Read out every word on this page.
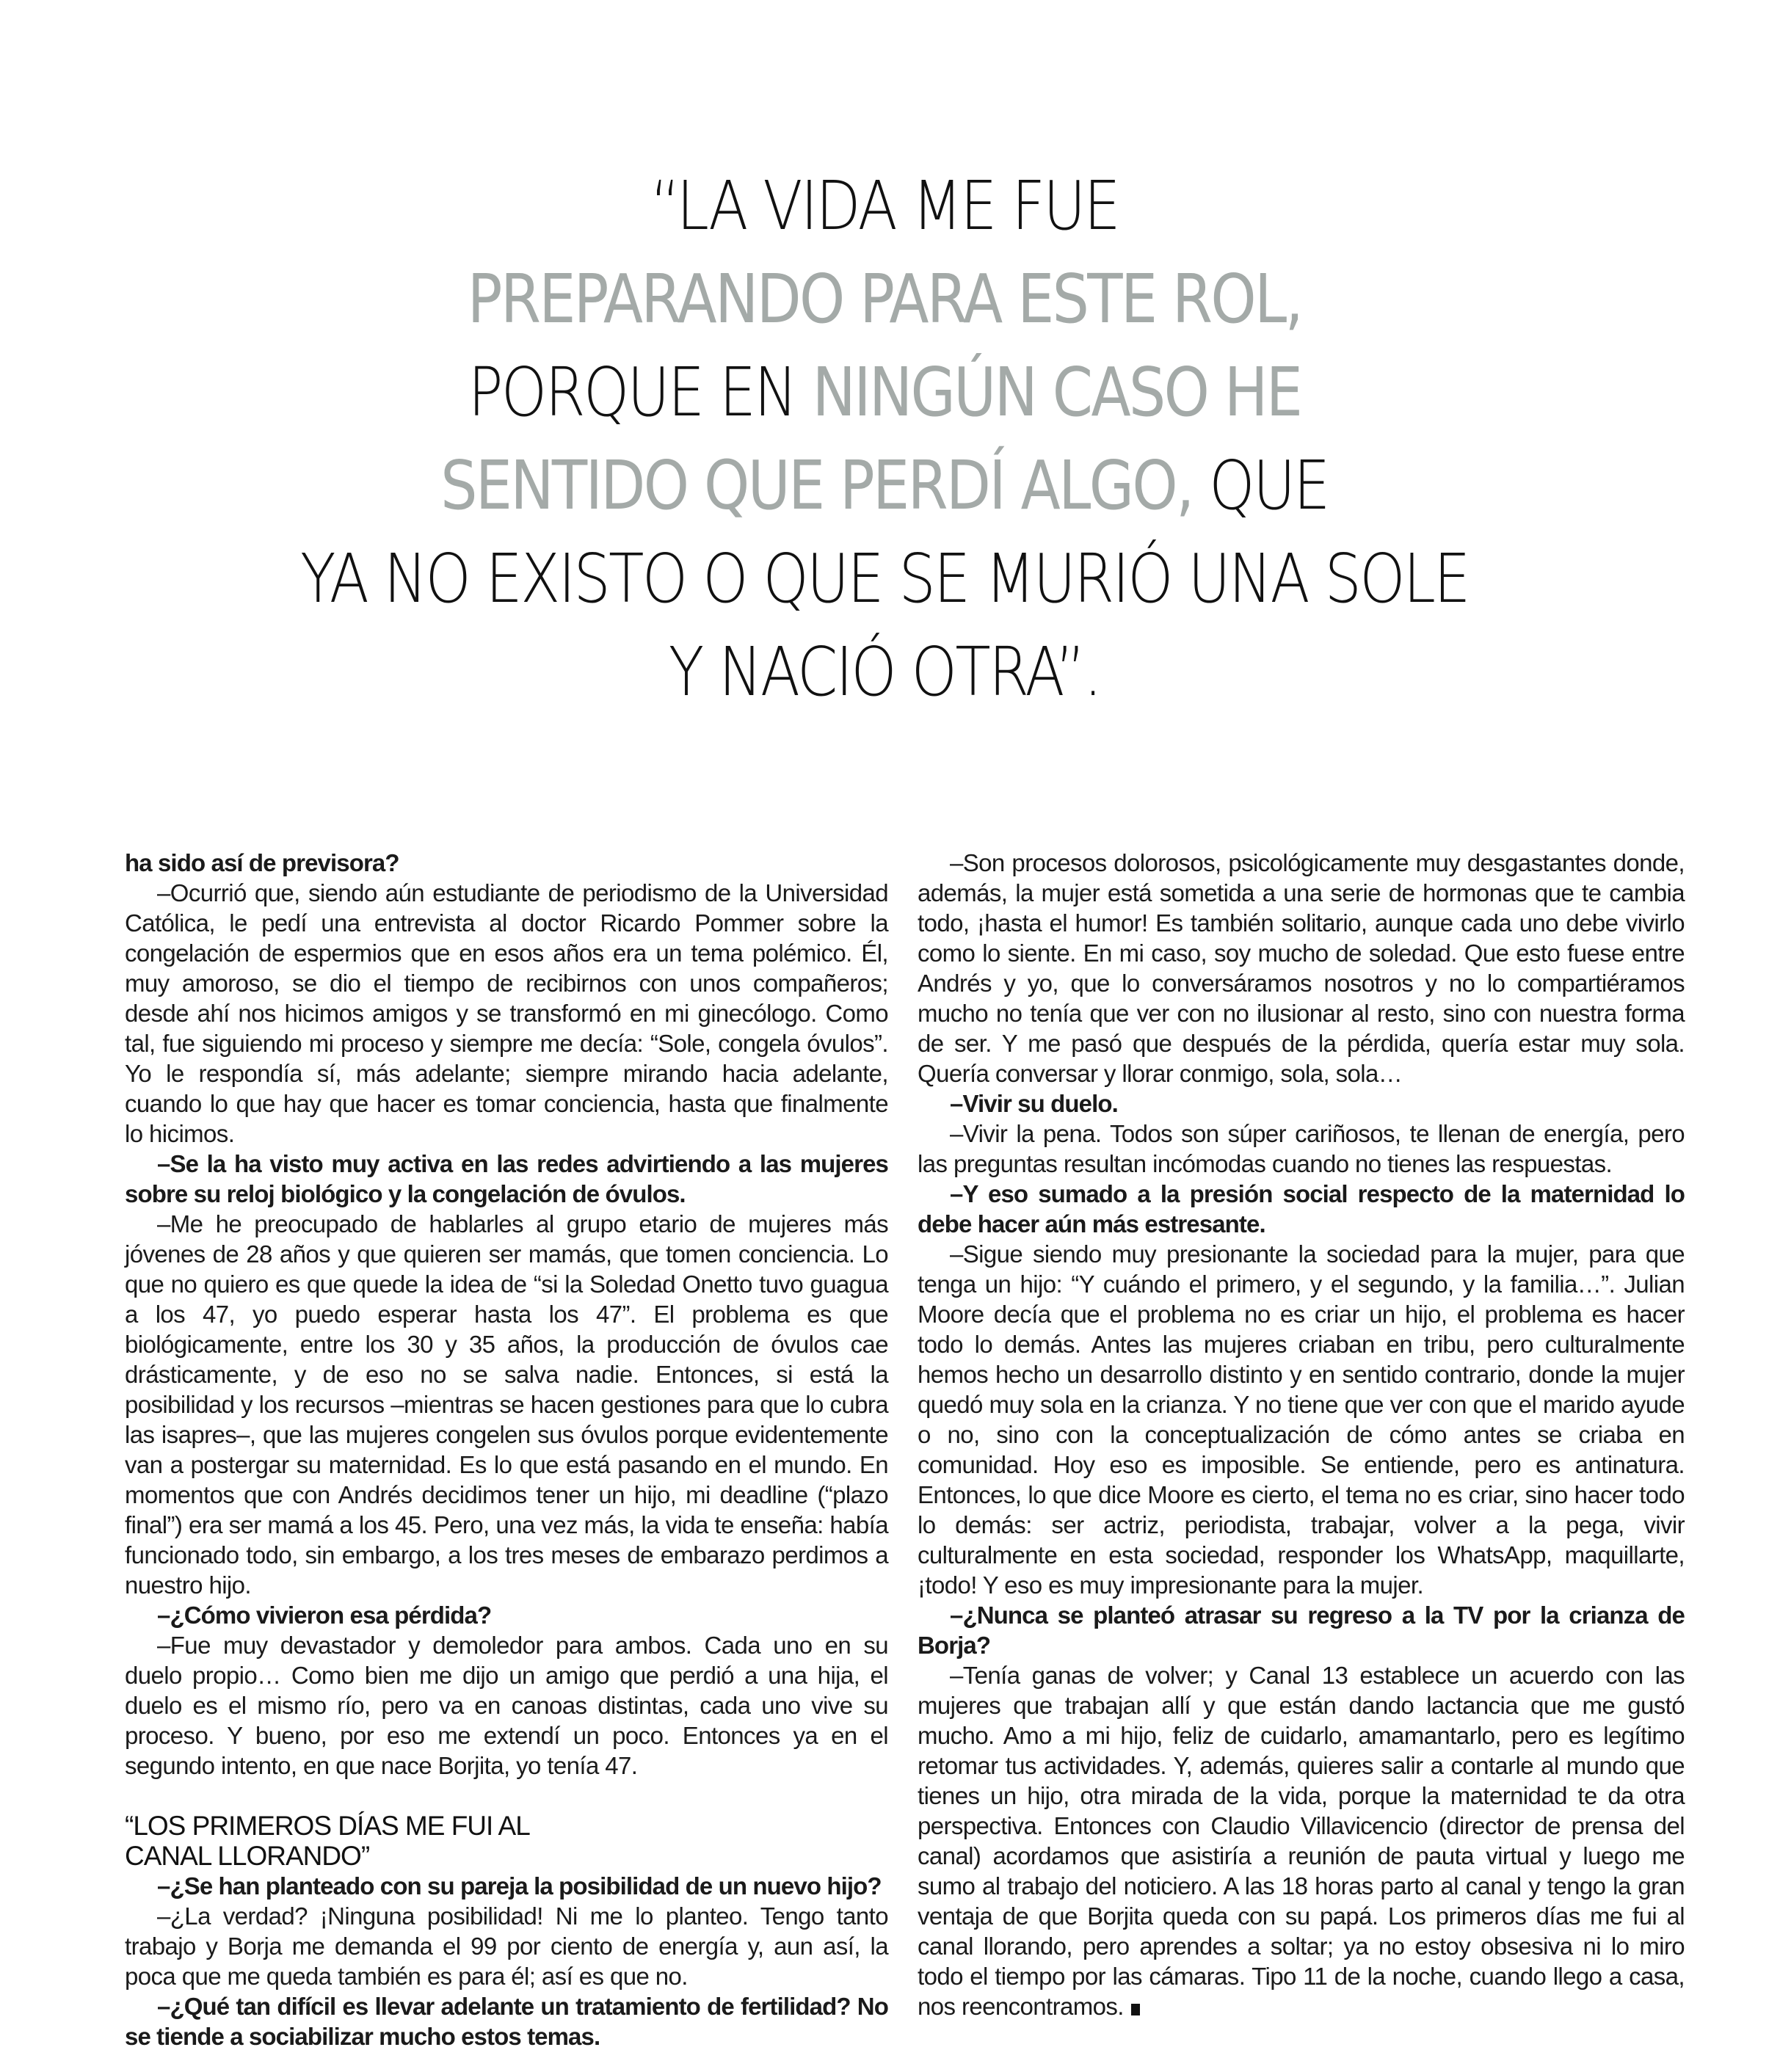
“LA VIDA ME FUE
PREPARANDO PARA ESTE ROL,
PORQUE EN NINGÚN CASO HE
SENTIDO QUE PERDÍ ALGO, QUE
YA NO EXISTO O QUE SE MURIÓ UNA SOLE
Y NACIÓ OTRA”.

ha sido así de previsora?

–Ocurrió que, siendo aún estudiante de periodismo de la Universidad Católica, le pedí una entrevista al doctor Ricardo Pommer sobre la congelación de espermios que en esos años era un tema polémico. Él, muy amoroso, se dio el tiempo de recibirnos con unos compañeros; desde ahí nos hicimos amigos y se transformó en mi ginecólogo. Como tal, fue siguiendo mi proceso y siempre me decía: “Sole, congela óvulos”. Yo le respondía sí, más adelante; siempre mirando hacia adelante, cuando lo que hay que hacer es tomar conciencia, hasta que finalmente lo hicimos.

–Se la ha visto muy activa en las redes advirtiendo a las mujeres sobre su reloj biológico y la congelación de óvulos.

–Me he preocupado de hablarles al grupo etario de mujeres más jóvenes de 28 años y que quieren ser mamás, que tomen conciencia. Lo que no quiero es que quede la idea de “si la Soledad Onetto tuvo guagua a los 47, yo puedo esperar hasta los 47”. El problema es que biológicamente, entre los 30 y 35 años, la producción de óvulos cae drásticamente, y de eso no se salva nadie. Entonces, si está la posibilidad y los recursos –mientras se hacen gestiones para que lo cubra las isapres–, que las mujeres congelen sus óvulos porque evidentemente van a postergar su maternidad. Es lo que está pasando en el mundo. En momentos que con Andrés decidimos tener un hijo, mi deadline (“plazo final”) era ser mamá a los 45. Pero, una vez más, la vida te enseña: había funcionado todo, sin embargo, a los tres meses de embarazo perdimos a nuestro hijo.

–¿Cómo vivieron esa pérdida?

–Fue muy devastador y demoledor para ambos. Cada uno en su duelo propio… Como bien me dijo un amigo que perdió a una hija, el duelo es el mismo río, pero va en canoas distintas, cada uno vive su proceso. Y bueno, por eso me extendí un poco. Entonces ya en el segundo intento, en que nace Borjita, yo tenía 47.

“LOS PRIMEROS DÍAS ME FUI AL
CANAL LLORANDO”

–¿Se han planteado con su pareja la posibilidad de un nuevo hijo?

–¿La verdad? ¡Ninguna posibilidad! Ni me lo planteo. Tengo tanto trabajo y Borja me demanda el 99 por ciento de energía y, aun así, la poca que me queda también es para él; así es que no.

–¿Qué tan difícil es llevar adelante un tratamiento de fertilidad? No se tiende a sociabilizar mucho estos temas.

–Son procesos dolorosos, psicológicamente muy desgastantes donde, además, la mujer está sometida a una serie de hormonas que te cambia todo, ¡hasta el humor! Es también solitario, aunque cada uno debe vivirlo como lo siente. En mi caso, soy mucho de soledad. Que esto fuese entre Andrés y yo, que lo conversáramos nosotros y no lo compartiéramos mucho no tenía que ver con no ilusionar al resto, sino con nuestra forma de ser. Y me pasó que después de la pérdida, quería estar muy sola. Quería conversar y llorar conmigo, sola, sola…

–Vivir su duelo.

–Vivir la pena. Todos son súper cariñosos, te llenan de energía, pero las preguntas resultan incómodas cuando no tienes las respuestas.

–Y eso sumado a la presión social respecto de la maternidad lo debe hacer aún más estresante.

–Sigue siendo muy presionante la sociedad para la mujer, para que tenga un hijo: “Y cuándo el primero, y el segundo, y la familia…”. Julian Moore decía que el problema no es criar un hijo, el problema es hacer todo lo demás. Antes las mujeres criaban en tribu, pero culturalmente hemos hecho un desarrollo distinto y en sentido contrario, donde la mujer quedó muy sola en la crianza. Y no tiene que ver con que el marido ayude o no, sino con la conceptualización de cómo antes se criaba en comunidad. Hoy eso es imposible. Se entiende, pero es antinatura. Entonces, lo que dice Moore es cierto, el tema no es criar, sino hacer todo lo demás: ser actriz, periodista, trabajar, volver a la pega, vivir culturalmente en esta sociedad, responder los WhatsApp, maquillarte, ¡todo! Y eso es muy impresionante para la mujer.

–¿Nunca se planteó atrasar su regreso a la TV por la crianza de Borja?

–Tenía ganas de volver; y Canal 13 establece un acuerdo con las mujeres que trabajan allí y que están dando lactancia que me gustó mucho. Amo a mi hijo, feliz de cuidarlo, amamantarlo, pero es legítimo retomar tus actividades. Y, además, quieres salir a contarle al mundo que tienes un hijo, otra mirada de la vida, porque la maternidad te da otra perspectiva. Entonces con Claudio Villavicencio (director de prensa del canal) acordamos que asistiría a reunión de pauta virtual y luego me sumo al trabajo del noticiero. A las 18 horas parto al canal y tengo la gran ventaja de que Borjita queda con su papá. Los primeros días me fui al canal llorando, pero aprendes a soltar; ya no estoy obsesiva ni lo miro todo el tiempo por las cámaras. Tipo 11 de la noche, cuando llego a casa, nos reencontramos.
